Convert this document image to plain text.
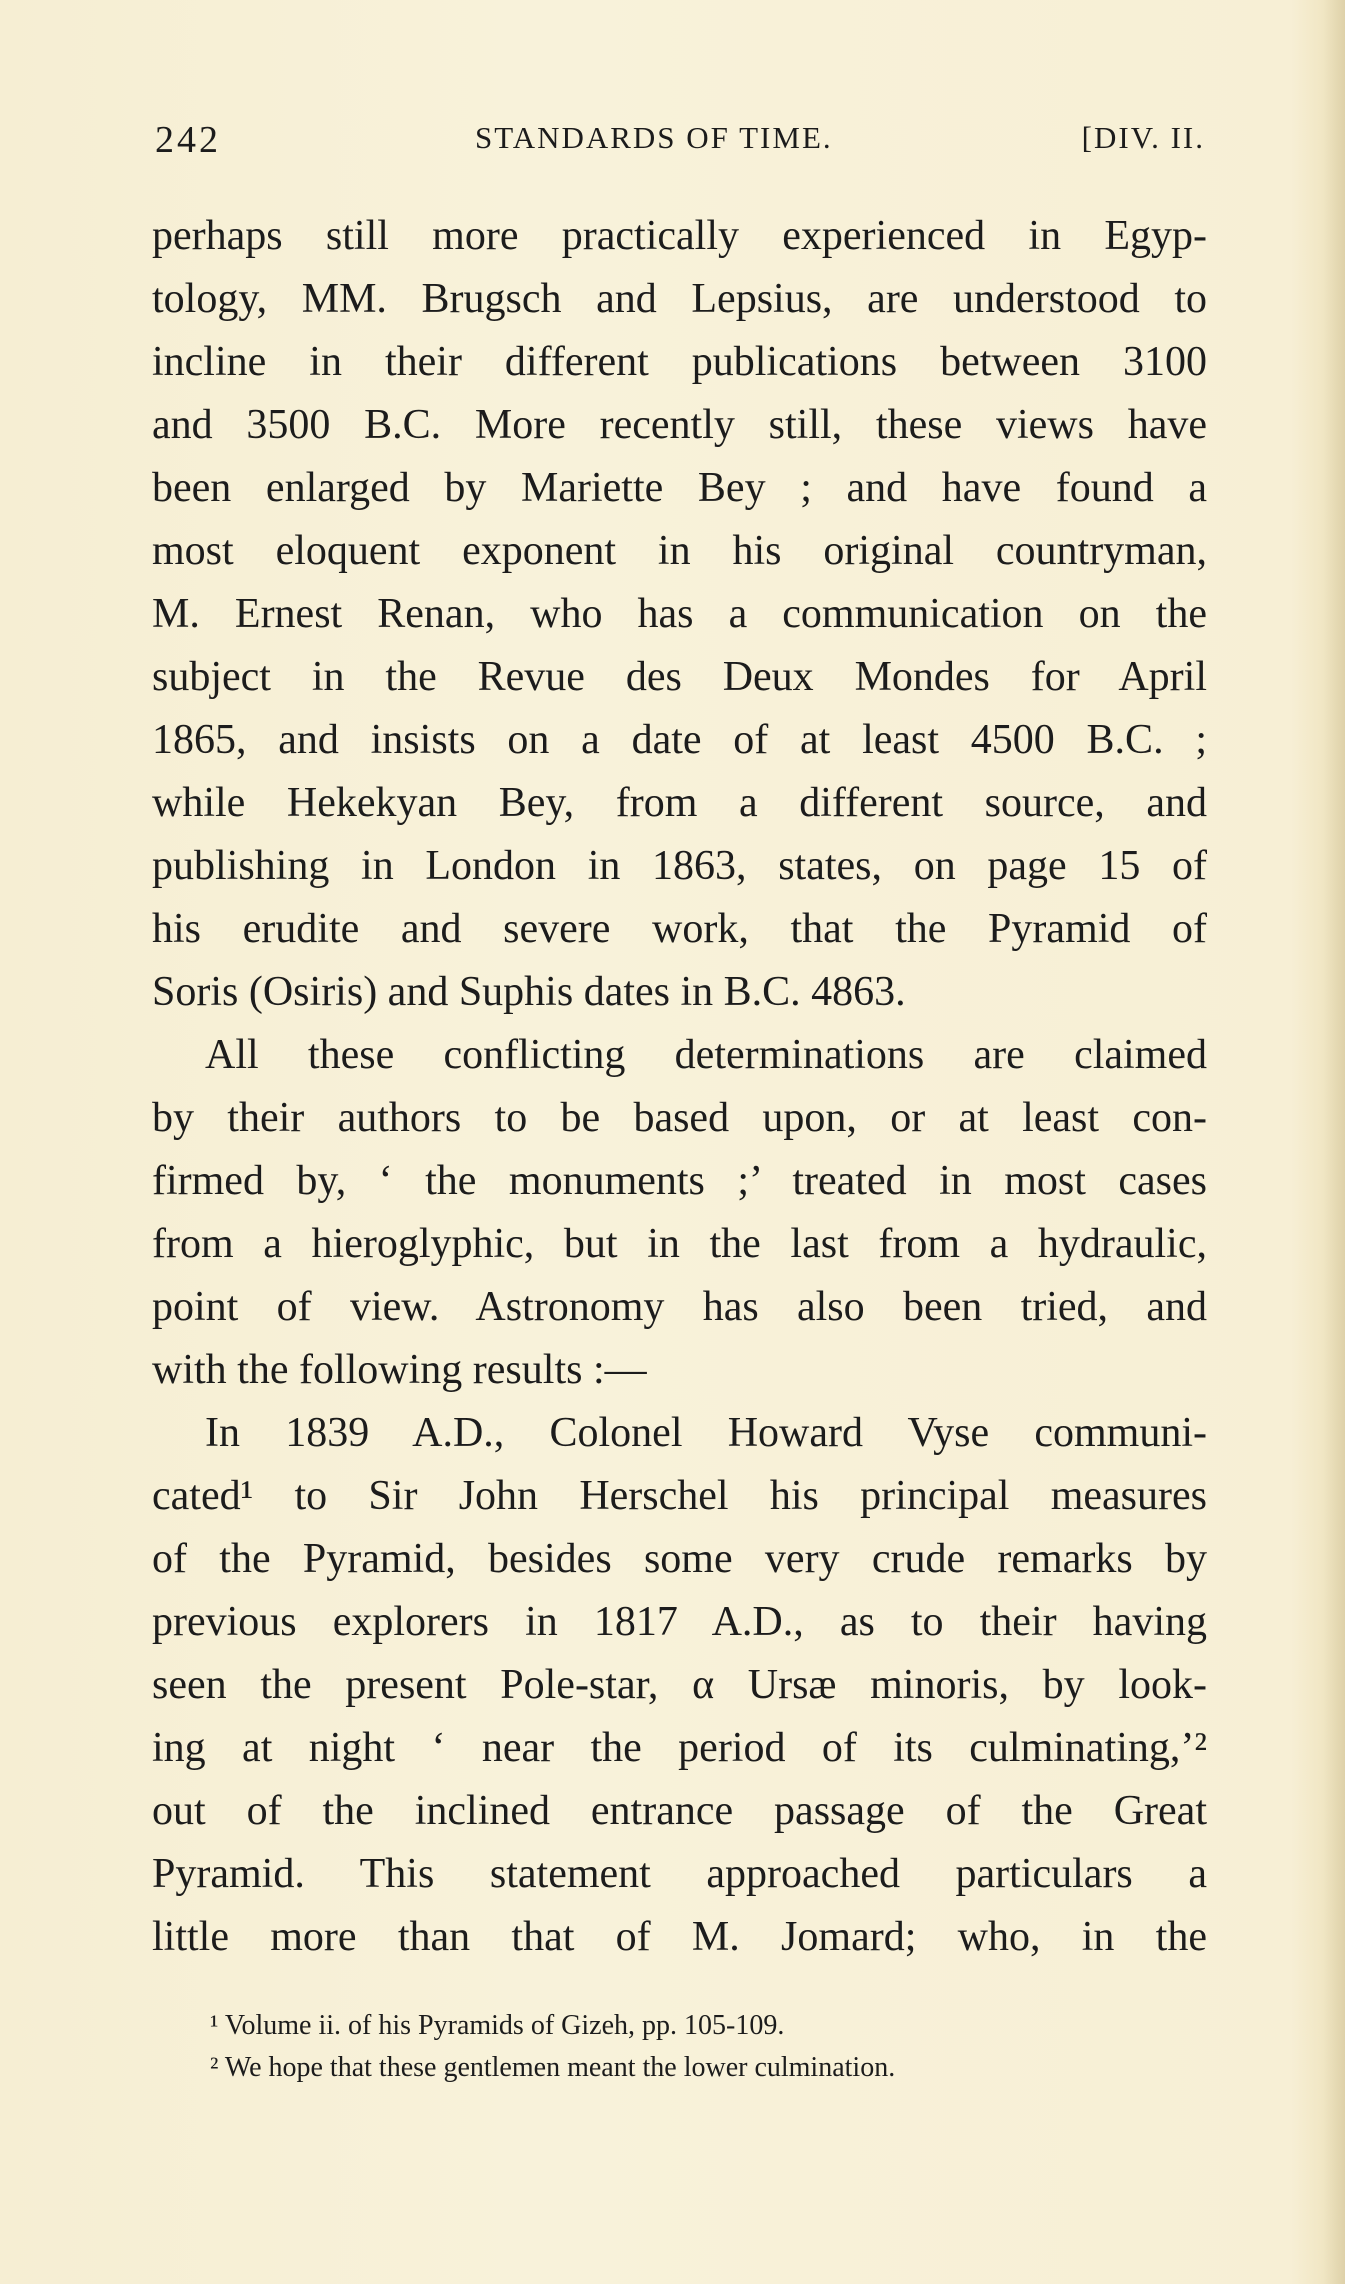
242	STANDARDS OF TIME.	[DIV. II.
perhaps still more practically experienced in Egyp-
tology, MM. Brugsch and Lepsius, are understood to
incline in their different publications between 3100
and 3500 B.C. More recently still, these views have
been enlarged by Mariette Bey ; and have found a
most eloquent exponent in his original countryman,
M. Ernest Renan, who has a communication on the
subject in the Revue des Deux Mondes for April
1865, and insists on a date of at least 4500 B.C. ;
while Hekekyan Bey, from a different source, and
publishing in London in 1863, states, on page 15 of
his erudite and severe work, that the Pyramid of
Soris (Osiris) and Suphis dates in B.C. 4863.
All these conflicting determinations are claimed
by their authors to be based upon, or at least con-
firmed by, ‘ the monuments ;’ treated in most cases
from a hieroglyphic, but in the last from a hydraulic,
point of view. Astronomy has also been tried, and
with the following results :—
In 1839 A.D., Colonel Howard Vyse communi-
cated¹ to Sir John Herschel his principal measures
of the Pyramid, besides some very crude remarks by
previous explorers in 1817 A.D., as to their having
seen the present Pole-star, α Ursæ minoris, by look-
ing at night ‘ near the period of its culminating,’²
out of the inclined entrance passage of the Great
Pyramid. This statement approached particulars a
little more than that of M. Jomard; who, in the
¹ Volume ii. of his Pyramids of Gizeh, pp. 105-109.
² We hope that these gentlemen meant the lower culmination.
